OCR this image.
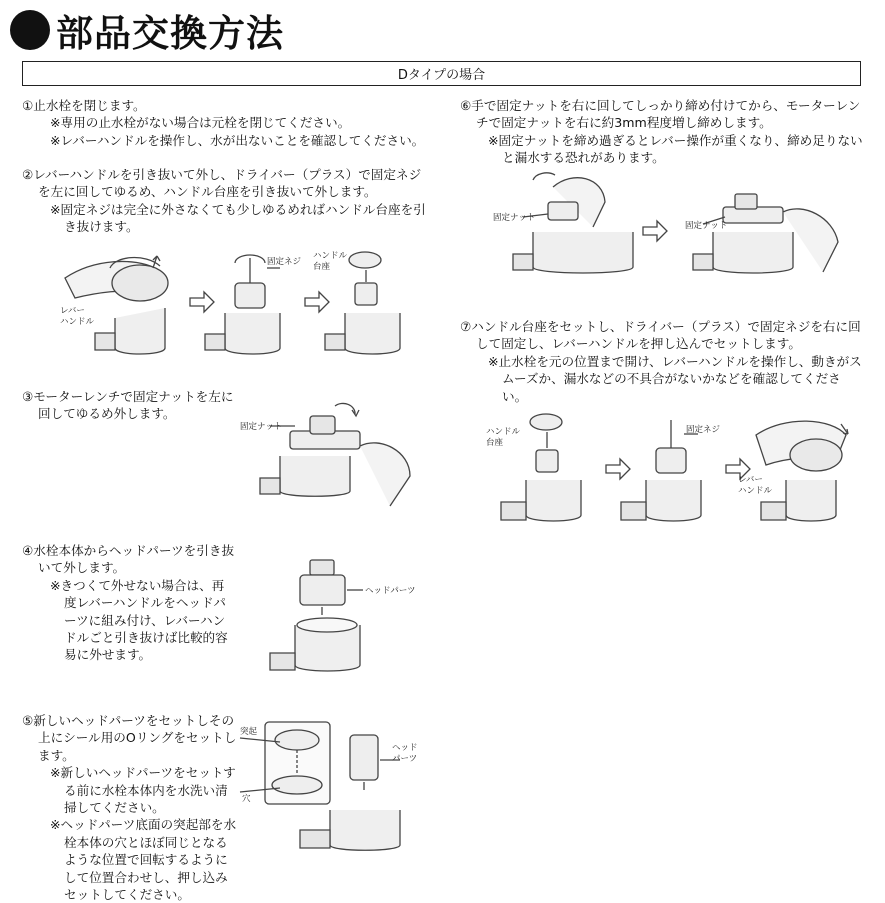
部品交換方法
Dタイプの場合

①止水栓を閉じます。

※専用の止水栓がない場合は元栓を閉じてください。

※レバーハンドルを操作し、水が出ないことを確認してください。

②レバーハンドルを引き抜いて外し、ドライバー（プラス）で固定ネジを左に回してゆるめ、ハンドル台座を引き抜いて外します。

※固定ネジは完全に外さなくても少しゆるめればハンドル台座を引き抜けます。

③モーターレンチで固定ナットを左に回してゆるめ外します。

④水栓本体からヘッドパーツを引き抜いて外します。

※きつくて外せない場合は、再度レバーハンドルをヘッドパーツに組み付け、レバーハンドルごと引き抜けば比較的容易に外せます。

⑤新しいヘッドパーツをセットしその上にシール用のOリングをセットします。

※新しいヘッドパーツをセットする前に水栓本体内を水洗い清掃してください。

※ヘッドパーツ底面の突起部を水栓本体の穴とほぼ同じとなるような位置で回転するようにして位置合わせし、押し込みセットしてください。

⑥手で固定ナットを右に回してしっかり締め付けてから、モーターレンチで固定ナットを右に約3mm程度増し締めします。

※固定ナットを締め過ぎるとレバー操作が重くなり、締め足りないと漏水する恐れがあります。

⑦ハンドル台座をセットし、ドライバー（プラス）で固定ネジを右に回して固定し、レバーハンドルを押し込んでセットします。

※止水栓を元の位置まで開け、レバーハンドルを操作し、動きがスムーズか、漏水などの不具合がないかなどを確認してください。

レバー
ハンドル
固定ネジ
ハンドル
台座
固定ナット
ヘッドパーツ
突起
穴
ヘッド
パーツ
固定ナット
固定ナット
ハンドル
台座
固定ネジ
レバー
ハンドル
